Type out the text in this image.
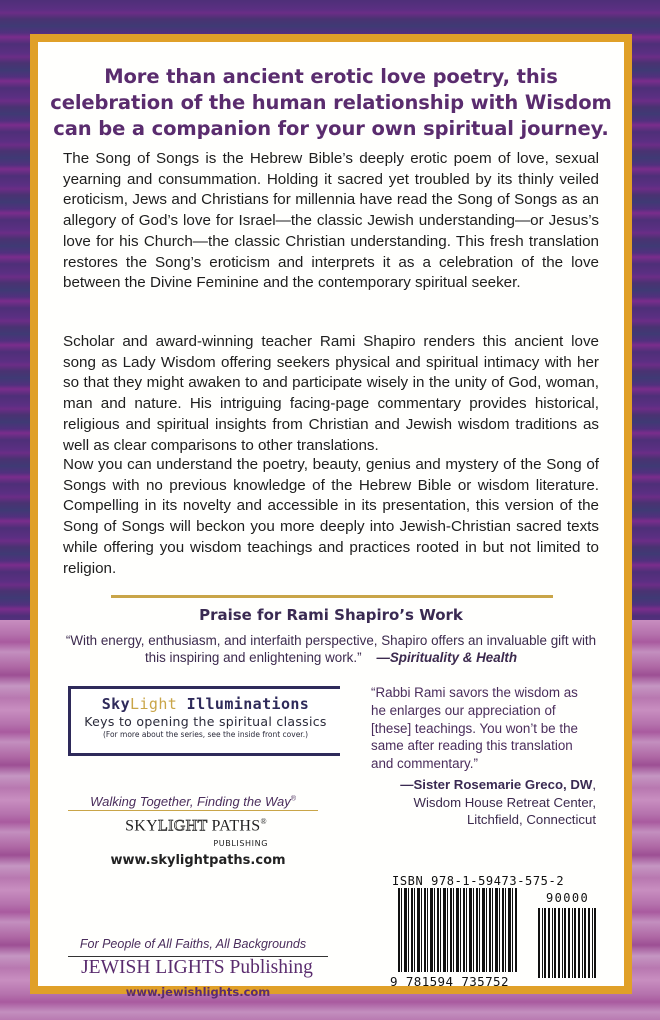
More than ancient erotic love poetry, this
celebration of the human relationship with Wisdom
can be a companion for your own spiritual journey.

The Song of Songs is the Hebrew Bible’s deeply erotic poem of love, sexual yearning and consummation. Holding it sacred yet troubled by its thinly veiled eroticism, Jews and Christians for millennia have read the Song of Songs as an allegory of God’s love for Israel—the classic Jewish understanding—or Jesus’s love for his Church—the classic Christian understanding. This fresh translation restores the Song’s eroticism and interprets it as a celebration of the love between the Divine Feminine and the contemporary spiritual seeker.

Scholar and award-winning teacher Rami Shapiro renders this ancient love song as Lady Wisdom offering seekers physical and spiritual intimacy with her so that they might awaken to and participate wisely in the unity of God, woman, man and nature. His intriguing facing-page commentary provides historical, religious and spiritual insights from Christian and Jewish wisdom traditions as well as clear comparisons to other translations.

Now you can understand the poetry, beauty, genius and mystery of the Song of Songs with no previous knowledge of the Hebrew Bible or wisdom literature. Compelling in its novelty and accessible in its presentation, this version of the Song of Songs will beckon you more deeply into Jewish-Christian sacred texts while offering you wisdom teachings and practices rooted in but not limited to religion.

Praise for Rami Shapiro’s Work
“With energy, enthusiasm, and interfaith perspective, Shapiro offers an invaluable gift with this inspiring and enlightening work.” —Spirituality & Health
SkyLight Illuminations
Keys to opening the spiritual classics
(For more about the series, see the inside front cover.)
“Rabbi Rami savors the wisdom as he enlarges our appreciation of [these] teachings. You won’t be the same after reading this translation and commentary.”
—Sister Rosemarie Greco, DW,
Wisdom House Retreat Center,
Litchfield, Connecticut
Walking Together, Finding the Way®
SKYLIGHT PATHS®
PUBLISHING
www.skylightpaths.com
For People of All Faiths, All Backgrounds
JEWISH LIGHTS Publishing
www.jewishlights.com
ISBN 978-1-59473-575-2
90000
9 781594 735752
